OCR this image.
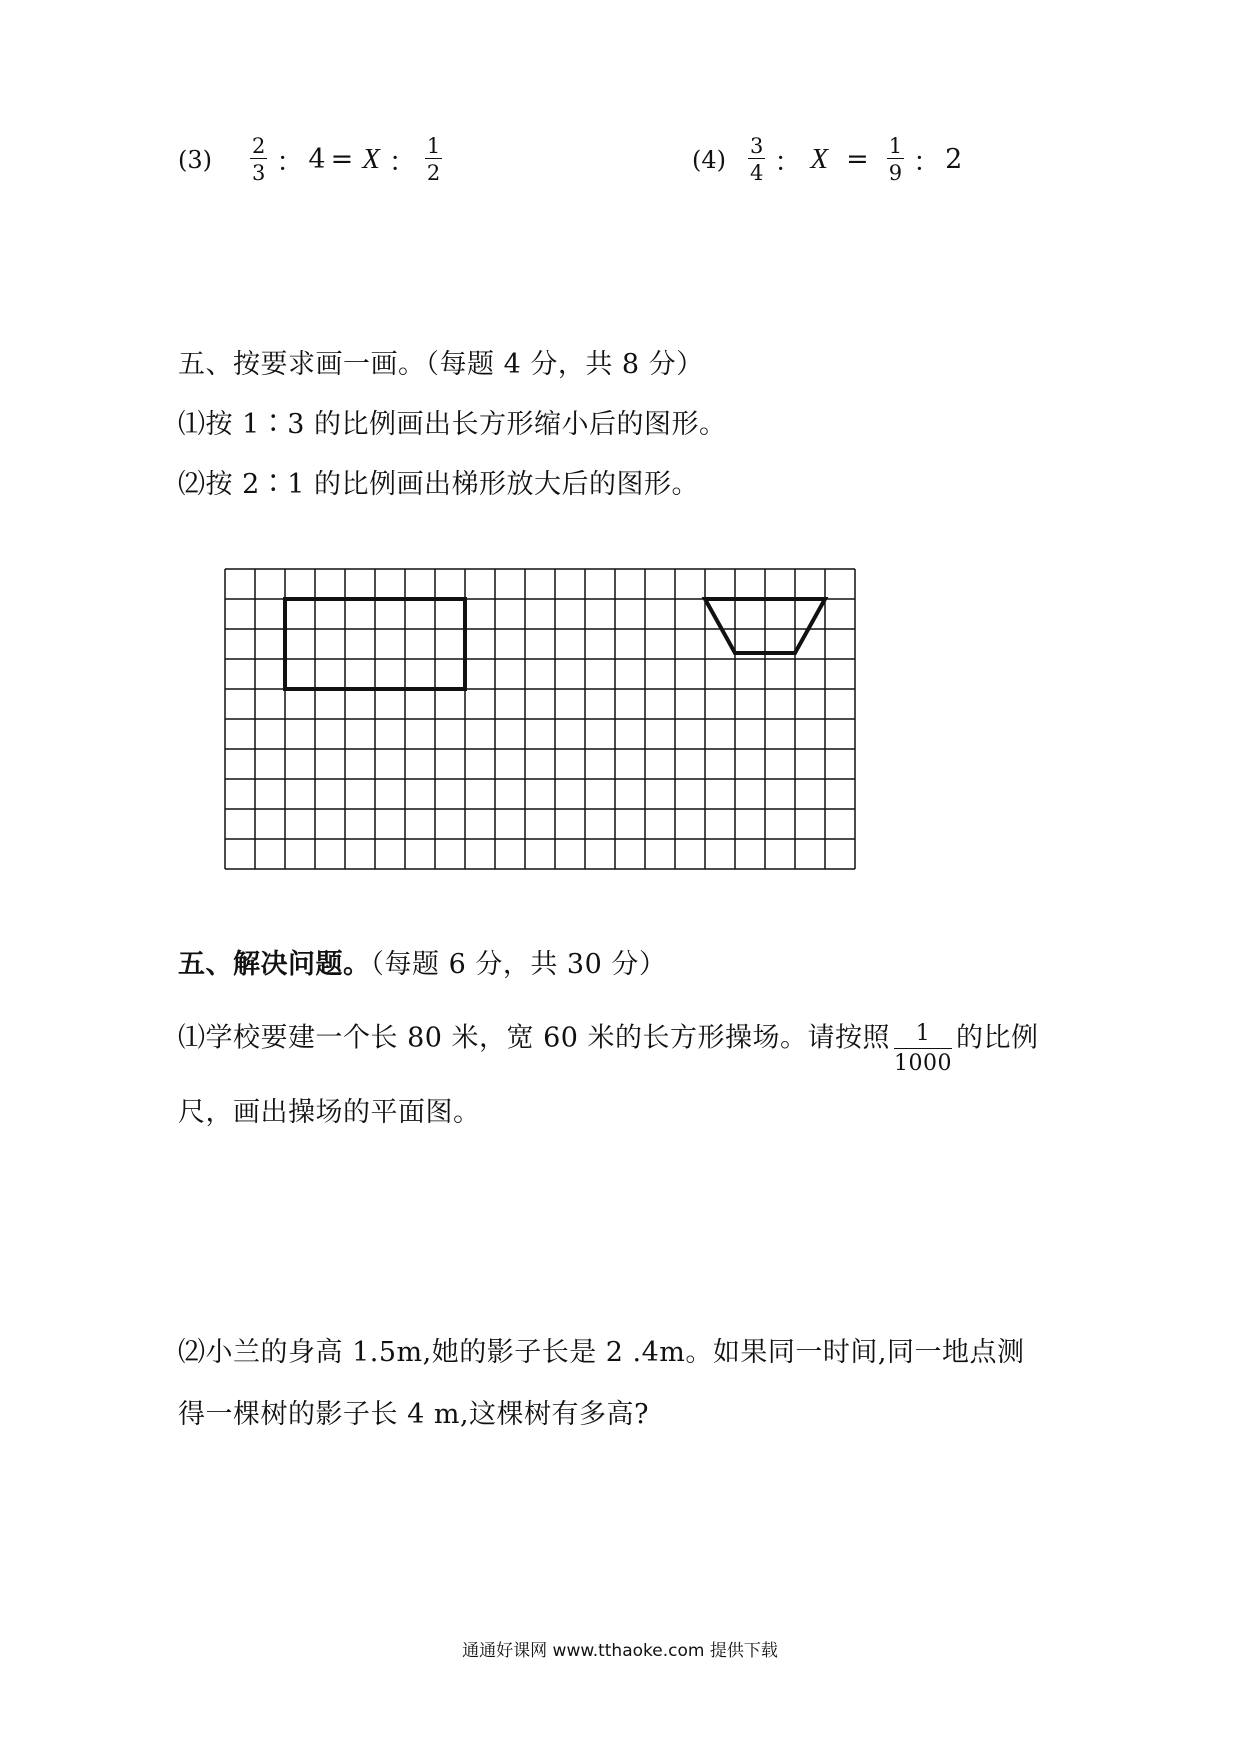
$(3) \frac{2}{3}$ ： 4 = X ： $\frac{1}{2}$	$(4) \frac{3}{4}$ ： $X = \frac{1}{9}$ ： 2
五、按要求画一画。（每题 4 分，共 8 分）
⑴按 1∶3 的比例画出长方形缩小后的图形。
⑵按 2∶1 的比例画出梯形放大后的图形。
五、解决问题。（每题 6 分，共 30 分）
⑴学校要建一个长 80 米，宽 60 米的长方形操场。请按照 $\frac{1}{1000}$ 的比例
尺，画出操场的平面图。
⑵小兰的身高 1.5m,她的影子长是 2 .4m。如果同一时间,同一地点测
得一棵树的影子长 4 m,这棵树有多高?
通通好课网 www.tthaoke.com 提供下载
